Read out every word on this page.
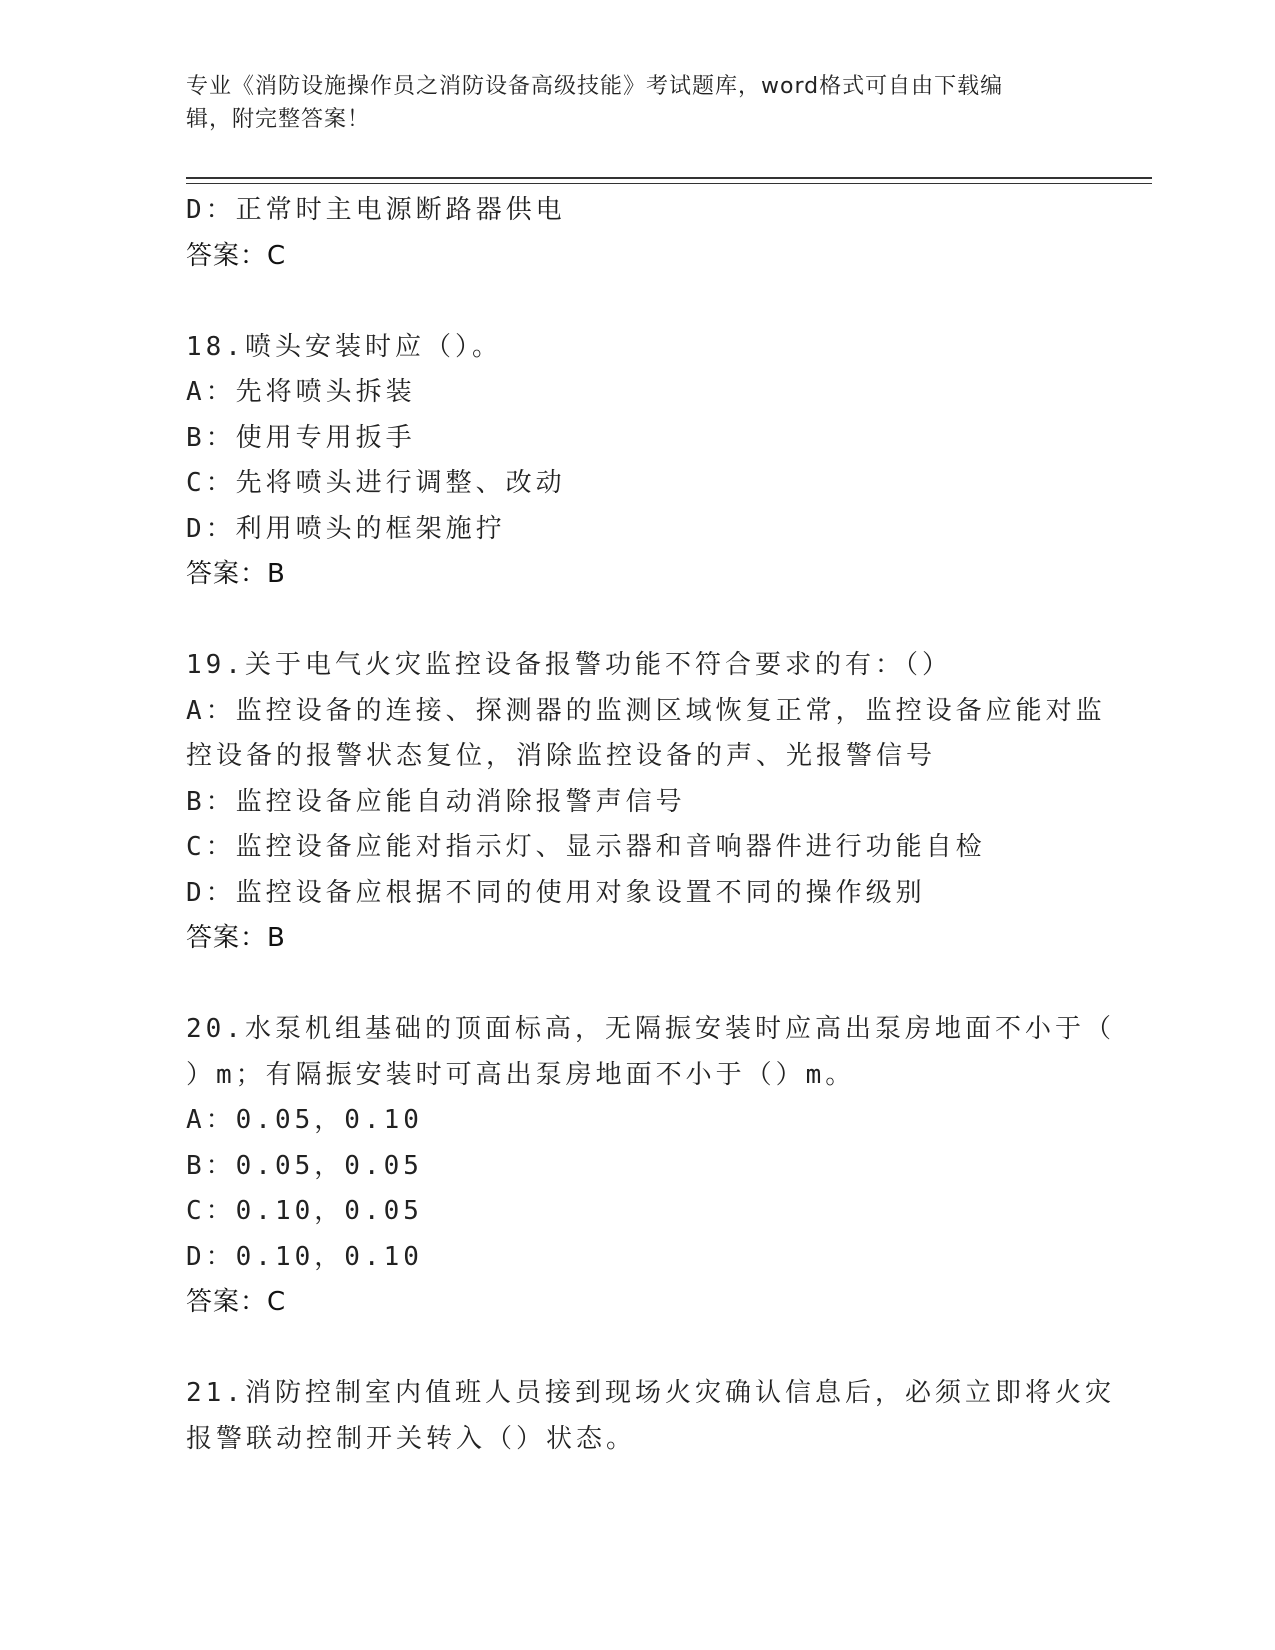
专业《消防设施操作员之消防设备高级技能》考试题库，word格式可自由下载编
辑，附完整答案！
D：正常时主电源断路器供电
答案：C
18.喷头安装时应（）。
A：先将喷头拆装
B：使用专用扳手
C：先将喷头进行调整、改动
D：利用喷头的框架施拧
答案：B
19.关于电气火灾监控设备报警功能不符合要求的有：（）
A：监控设备的连接、探测器的监测区域恢复正常，监控设备应能对监
控设备的报警状态复位，消除监控设备的声、光报警信号
B：监控设备应能自动消除报警声信号
C：监控设备应能对指示灯、显示器和音响器件进行功能自检
D：监控设备应根据不同的使用对象设置不同的操作级别
答案：B
20.水泵机组基础的顶面标高，无隔振安装时应高出泵房地面不小于（
）m；有隔振安装时可高出泵房地面不小于（）m。
A：0.05，0.10
B：0.05，0.05
C：0.10，0.05
D：0.10，0.10
答案：C
21.消防控制室内值班人员接到现场火灾确认信息后，必须立即将火灾
报警联动控制开关转入（）状态。
